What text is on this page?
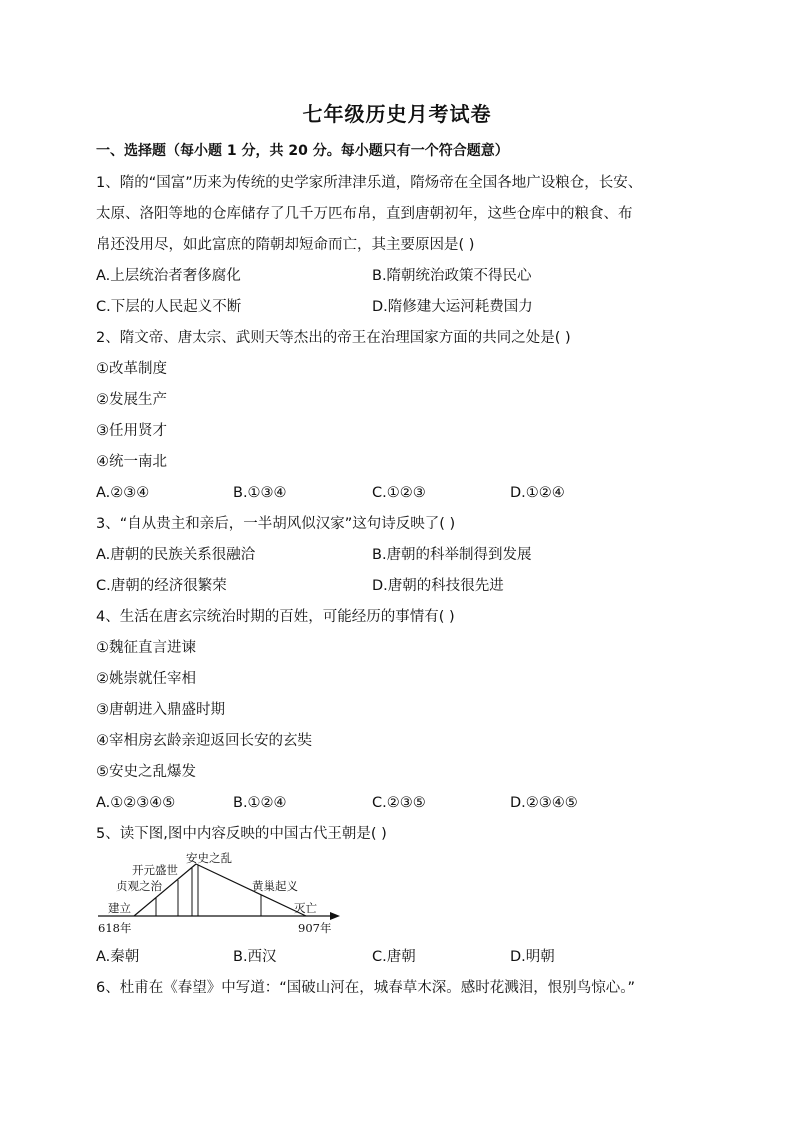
七年级历史月考试卷
一、选择题（每小题 1 分，共 20 分。每小题只有一个符合题意）
1、隋的“国富”历来为传统的史学家所津津乐道，隋炀帝在全国各地广设粮仓，长安、
太原、洛阳等地的仓库储存了几千万匹布帛，直到唐朝初年，这些仓库中的粮食、布
帛还没用尽，如此富庶的隋朝却短命而亡，其主要原因是( )
A.上层统治者奢侈腐化	B.隋朝统治政策不得民心
C.下层的人民起义不断	D.隋修建大运河耗费国力
2、隋文帝、唐太宗、武则天等杰出的帝王在治理国家方面的共同之处是( )
①改革制度
②发展生产
③任用贤才
④统一南北
A.②③④	B.①③④	C.①②③	D.①②④
3、“自从贵主和亲后，一半胡风似汉家”这句诗反映了( )
A.唐朝的民族关系很融洽	B.唐朝的科举制得到发展
C.唐朝的经济很繁荣	D.唐朝的科技很先进
4、生活在唐玄宗统治时期的百姓，可能经历的事情有( )
①魏征直言进谏
②姚崇就任宰相
③唐朝进入鼎盛时期
④宰相房玄龄亲迎返回长安的玄奘
⑤安史之乱爆发
A.①②③④⑤	B.①②④	C.②③⑤	D.②③④⑤
5、读下图,图中内容反映的中国古代王朝是( )
安史之乱
开元盛世
贞观之治	黄巢起义
建立	灭亡
618年	907年
A.秦朝	B.西汉	C.唐朝	D.明朝
6、杜甫在《春望》中写道：“国破山河在，城春草木深。感时花溅泪，恨别鸟惊心。”
